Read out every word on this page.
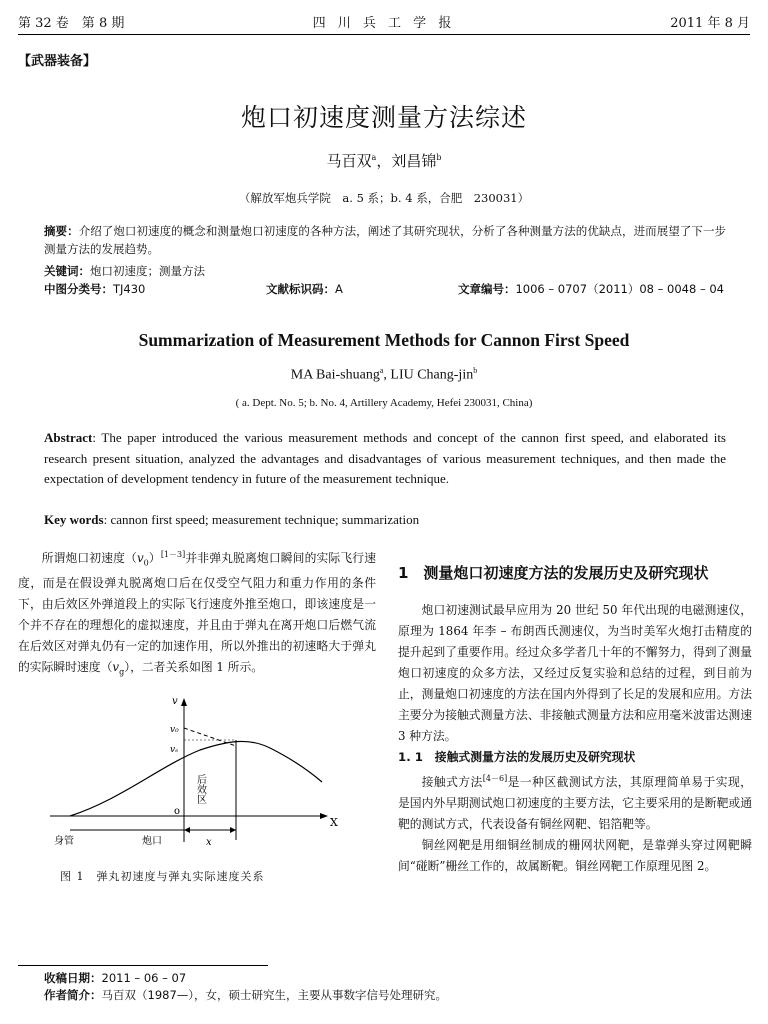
第 32 卷　第 8 期	四 川 兵 工 学 报	2011 年 8 月
【武器装备】
炮口初速度测量方法综述
马百双$^a$，刘昌锦$^b$
（解放军炮兵学院　a. 5 系；b. 4 系，合肥　230031）
摘要：介绍了炮口初速度的概念和测量炮口初速度的各种方法，阐述了其研究现状，分析了各种测量方法的优缺点，进而展望了下一步测量方法的发展趋势。
关键词：炮口初速度；测量方法
中图分类号：TJ430	文献标识码：A	文章编号：1006 – 0707（2011）08 – 0048 – 04
Summarization of Measurement Methods for Cannon First Speed
MA Bai-shuang$^a$, LIU Chang-jin$^b$
( a. Dept. No. 5; b. No. 4, Artillery Academy, Hefei 230031, China)
Abstract: The paper introduced the various measurement methods and concept of the cannon first speed, and elaborated its research present situation, analyzed the advantages and disadvantages of various measurement techniques, and then made the expectation of development tendency in future of the measurement technique.
Key words: cannon first speed; measurement technique; summarization
所谓炮口初速度$(v_0)[1-3]$并非弹丸脱离炮口瞬间的实际飞行速度，而是在假设弹丸脱离炮口后在仅受空气阻力和重力作用的条件下，由后效区外弹道段上的实际飞行速度外推至炮口，即该速度是一个并不存在的理想化的虚拟速度，并且由于弹丸在离开炮口后燃气流在后效区对弹丸仍有一定的加速作用，所以外推出的初速略大于弹丸的实际瞬时速度$(v_g)$，二者关系如图 1 所示。
v
v₀
vₛ
o
X
后效区
身管	炮口	x
图 1　弹丸初速度与弹丸实际速度关系
1　测量炮口初速度方法的发展历史及研究现状
炮口初速测试最早应用为 20 世纪 50 年代出现的电磁测速仪，原理为 1864 年李 – 布朗西氏测速仪，为当时美军火炮打击精度的提升起到了重要作用。经过众多学者几十年的不懈努力，得到了测量炮口初速度的众多方法，又经过反复实验和总结的过程，到目前为止，测量炮口初速度的方法在国内外得到了长足的发展和应用。方法主要分为接触式测量方法、非接触式测量方法和应用毫米波雷达测速 3 种方法。
1. 1　接触式测量方法的发展历史及研究现状
接触式方法[4－6]是一种区截测试方法，其原理简单易于实现，是国内外早期测试炮口初速度的主要方法，它主要采用的是断靶或通靶的测试方式，代表设备有铜丝网靶、铝箔靶等。
铜丝网靶是用细铜丝制成的栅网状网靶，是靠弹头穿过网靶瞬间“碰断”栅丝工作的，故属断靶。铜丝网靶工作原理见图 2。
收稿日期：2011 – 06 – 07
作者简介：马百双（1987—），女，硕士研究生，主要从事数字信号处理研究。
